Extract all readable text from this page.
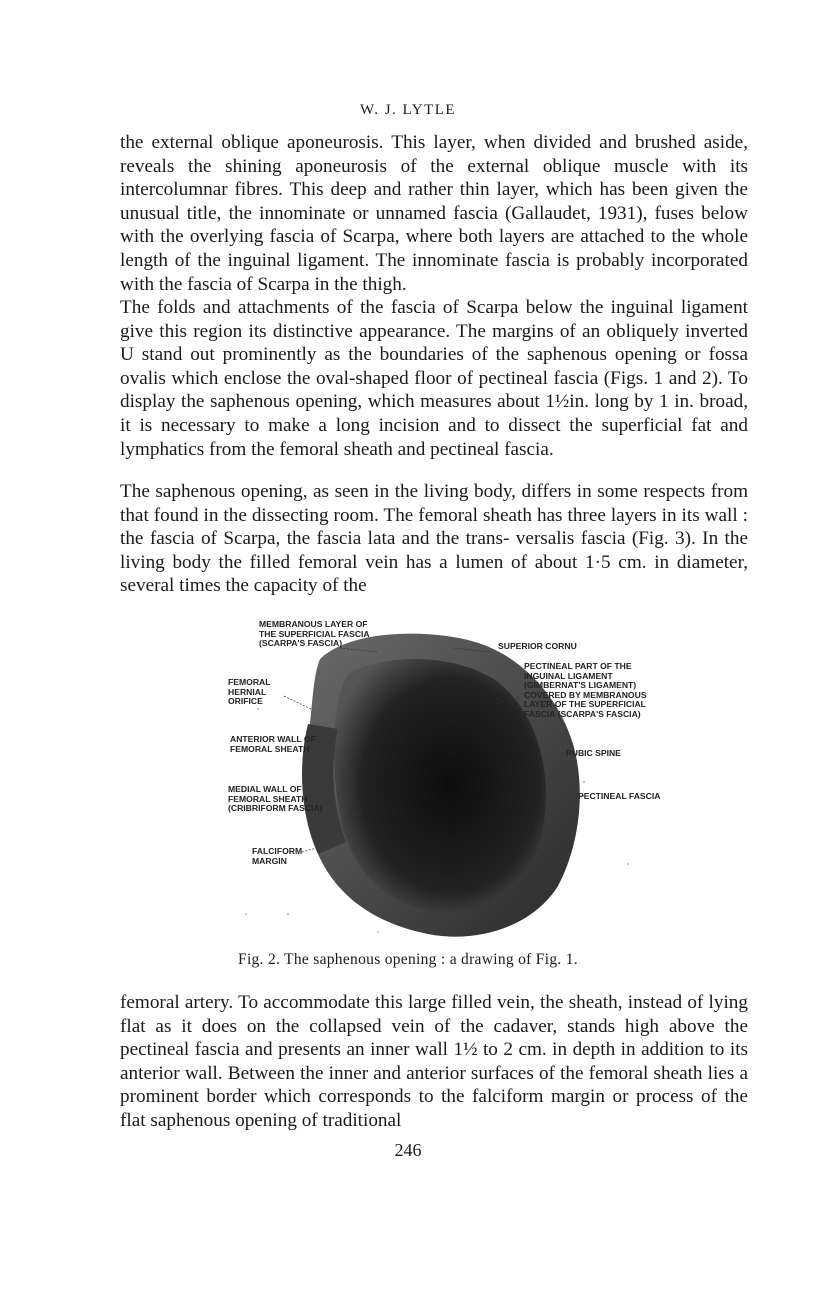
W. J. LYTLE

the external oblique aponeurosis. This layer, when divided and brushed aside, reveals the shining aponeurosis of the external oblique muscle with its intercolumnar fibres. This deep and rather thin layer, which has been given the unusual title, the innominate or unnamed fascia (Gallaudet, 1931), fuses below with the overlying fascia of Scarpa, where both layers are attached to the whole length of the inguinal ligament. The innominate fascia is probably incorporated with the fascia of Scarpa in the thigh.

The folds and attachments of the fascia of Scarpa below the inguinal ligament give this region its distinctive appearance. The margins of an obliquely inverted U stand out prominently as the boundaries of the saphenous opening or fossa ovalis which enclose the oval-shaped floor of pectineal fascia (Figs. 1 and 2). To display the saphenous opening, which measures about 1½in. long by 1 in. broad, it is necessary to make a long incision and to dissect the superficial fat and lymphatics from the femoral sheath and pectineal fascia.

The saphenous opening, as seen in the living body, differs in some respects from that found in the dissecting room. The femoral sheath has three layers in its wall : the fascia of Scarpa, the fascia lata and the trans- versalis fascia (Fig. 3). In the living body the filled femoral vein has a lumen of about 1·5 cm. in diameter, several times the capacity of the

MEMBRANOUS LAYER OF
THE SUPERFICIAL FASCIA
(SCARPA'S FASCIA)	SUPERIOR CORNU
PECTINEAL PART OF THE
INGUINAL LIGAMENT
(GIMBERNAT'S LIGAMENT)
COVERED BY MEMBRANOUS
LAYER OF THE SUPERFICIAL
FASCIA (SCARPA'S FASCIA)
FEMORAL
HERNIAL
ORIFICE
ANTERIOR WALL OF
FEMORAL SHEATH	PUBIC SPINE
MEDIAL WALL OF
FEMORAL SHEATH
(CRIBRIFORM FASCIA)
PECTINEAL FASCIA
FALCIFORM
MARGIN
Fig. 2. The saphenous opening : a drawing of Fig. 1.

femoral artery. To accommodate this large filled vein, the sheath, instead of lying flat as it does on the collapsed vein of the cadaver, stands high above the pectineal fascia and presents an inner wall 1½ to 2 cm. in depth in addition to its anterior wall. Between the inner and anterior surfaces of the femoral sheath lies a prominent border which corresponds to the falciform margin or process of the flat saphenous opening of traditional

246
